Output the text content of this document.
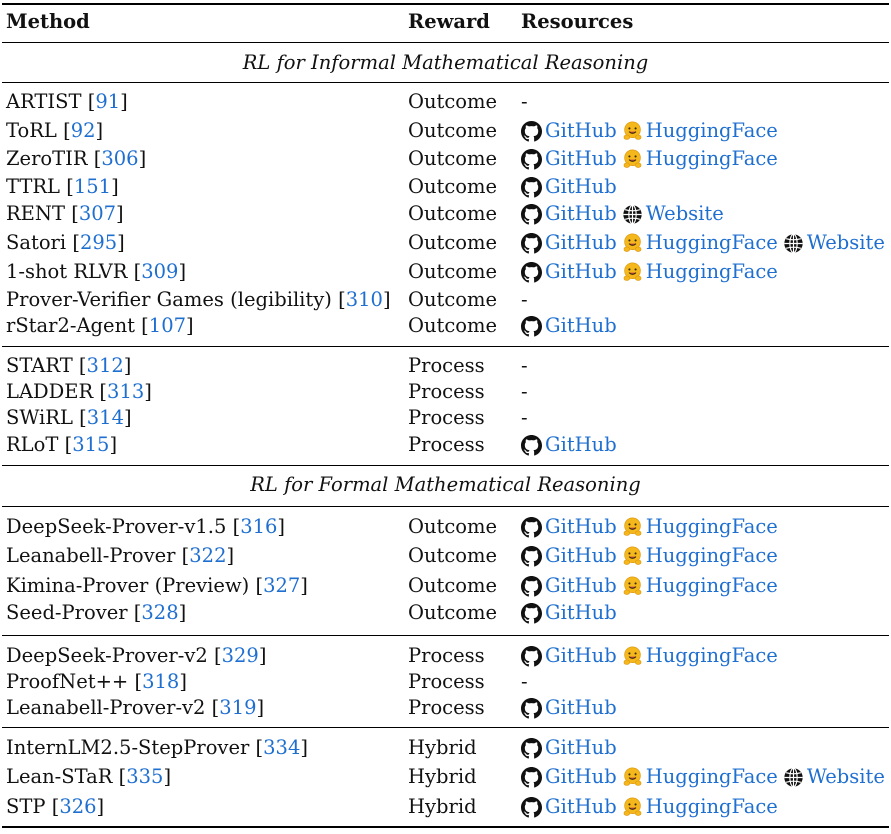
Method	Reward Resources
RL for Informal Mathematical Reasoning
ARTIST [91]	Outcome -
ToRL [92]	Outcome GitHub HuggingFace
ZeroTIR [306]	Outcome GitHub HuggingFace
TTRL [151]	Outcome GitHub
RENT [307]	Outcome GitHub Website
Satori [295]	Outcome GitHub HuggingFace Website
1-shot RLVR [309]	Outcome GitHub HuggingFace
Prover-Verifier Games (legibility) [310] Outcome -
rStar2-Agent [107]	Outcome GitHub
START [312]	Process -
LADDER [313]	Process -
SWiRL [314]	Process -
RLoT [315]	Process	GitHub
RL for Formal Mathematical Reasoning
DeepSeek-Prover-v1.5 [316]	Outcome GitHub HuggingFace
Leanabell-Prover [322]	Outcome GitHub HuggingFace
Kimina-Prover (Preview) [327]	Outcome GitHub HuggingFace
Seed-Prover [328]	Outcome GitHub
DeepSeek-Prover-v2 [329]	Process	GitHub HuggingFace
ProofNet++ [318]	Process -
Leanabell-Prover-v2 [319]	Process	GitHub
InternLM2.5-StepProver [334]	Hybrid	GitHub
Lean-STaR [335]	Hybrid	GitHub HuggingFace Website
STP [326]	Hybrid	GitHub HuggingFace
